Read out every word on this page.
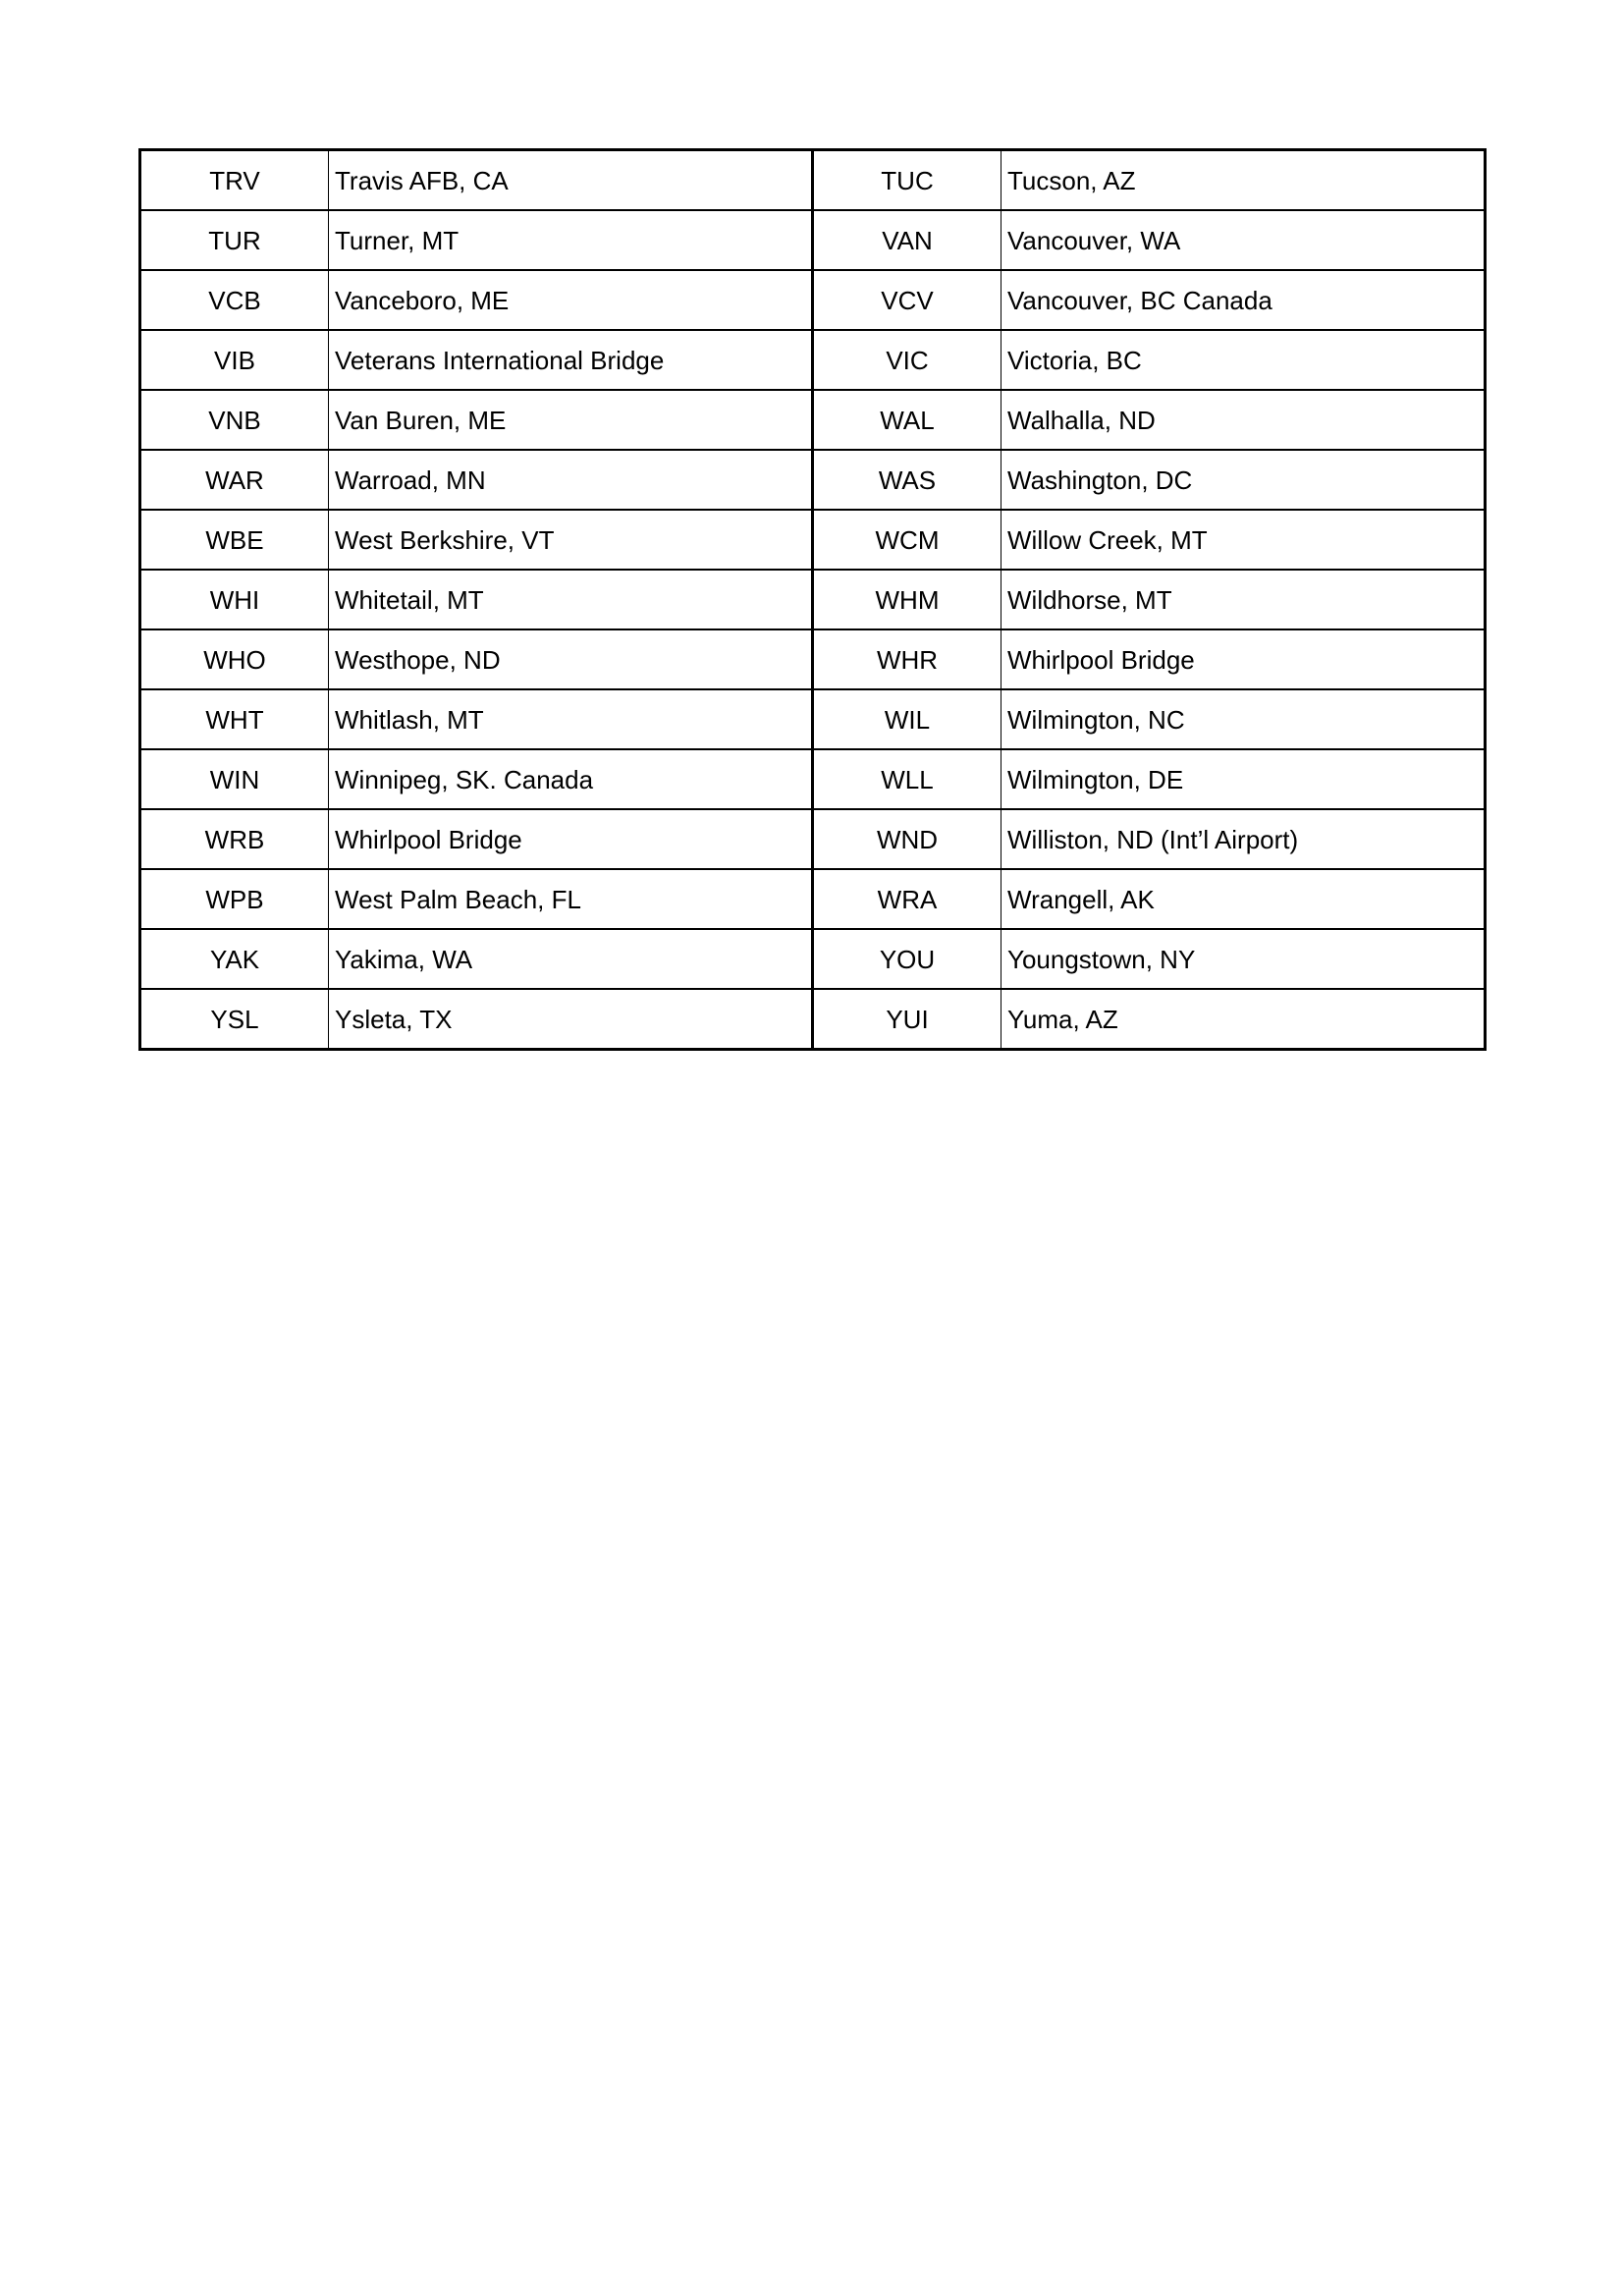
TRV	Travis AFB, CA	TUC	Tucson, AZ
TUR	Turner, MT	VAN	Vancouver, WA
VCB	Vanceboro, ME	VCV	Vancouver, BC Canada
VIB	Veterans International Bridge	VIC	Victoria, BC
VNB	Van Buren, ME	WAL	Walhalla, ND
WAR	Warroad, MN	WAS	Washington, DC
WBE	West Berkshire, VT	WCM	Willow Creek, MT
WHI	Whitetail, MT	WHM	Wildhorse, MT
WHO	Westhope, ND	WHR	Whirlpool Bridge
WHT	Whitlash, MT	WIL	Wilmington, NC
WIN	Winnipeg, SK. Canada	WLL	Wilmington, DE
WRB	Whirlpool Bridge	WND	Williston, ND (Int’l Airport)
WPB	West Palm Beach, FL	WRA	Wrangell, AK
YAK	Yakima, WA	YOU	Youngstown, NY
YSL	Ysleta, TX	YUI	Yuma, AZ
